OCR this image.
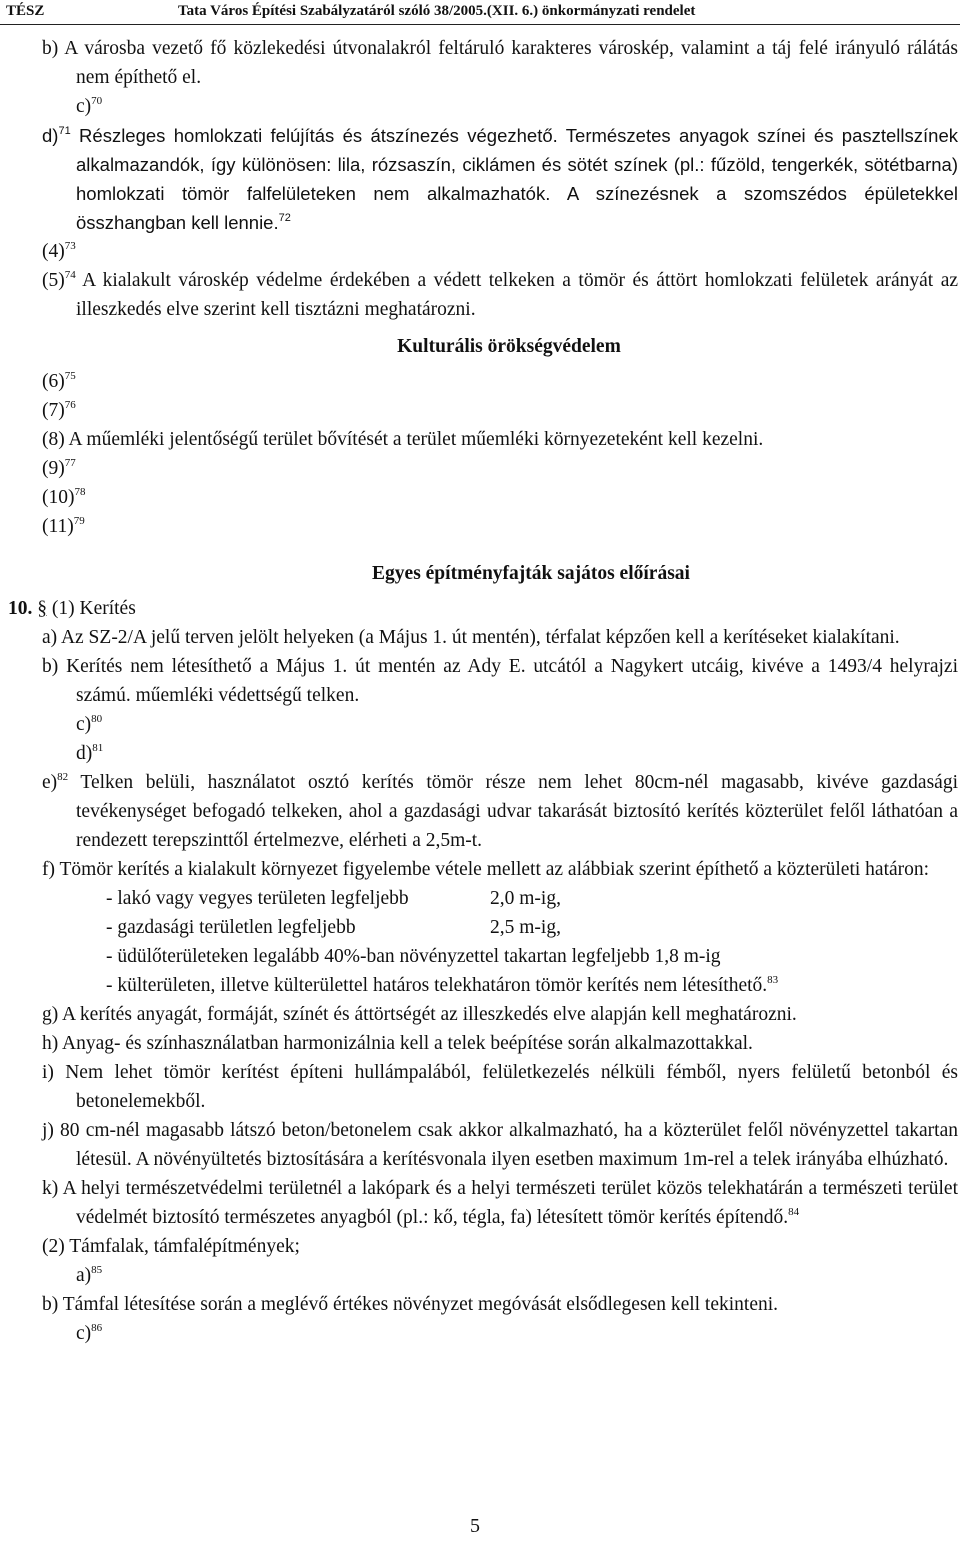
TÉSZ	Tata Város Építési Szabályzatáról szóló 38/2005.(XII. 6.) önkormányzati rendelet

b) A városba vezető fő közlekedési útvonalakról feltáruló karakteres városkép, valamint a táj felé irányuló rálátás nem építhető el.

c)$^{70}$

d)$^{71}$ Részleges homlokzati felújítás és átszínezés végezhető. Természetes anyagok színei és pasztellszínek alkalmazandók, így különösen: lila, rózsaszín, ciklámen és sötét színek (pl.: fűzöld, tengerkék, sötétbarna) homlokzati tömör falfelületeken nem alkalmazhatók. A színezésnek a szomszédos épületekkel összhangban kell lennie.$^{72}$

$(4)^{73}$

$(5)^{74}$ A kialakult városkép védelme érdekében a védett telkeken a tömör és áttört homlokzati felületek arányát az illeszkedés elve szerint kell tisztázni meghatározni.

Kulturális örökségvédelem

$(6)^{75}$

$(7)^{76}$

(8) A műemléki jelentőségű terület bővítését a terület műemléki környezeteként kell kezelni.

$(9)^{77}$

$(10)^{78}$

$(11)^{79}$

Egyes építményfajták sajátos előírásai

10. § (1) Kerítés

a) Az SZ-2/A jelű terven jelölt helyeken (a Május 1. út mentén), térfalat képzően kell a kerítéseket kialakítani.

b) Kerítés nem létesíthető a Május 1. út mentén az Ady E. utcától a Nagykert utcáig, kivéve a 1493/4 helyrajzi számú. műemléki védettségű telken.

c)$^{80}$

d)$^{81}$

e)$^{82}$ Telken belüli, használatot osztó kerítés tömör része nem lehet 80cm-nél magasabb, kivéve gazdasági tevékenységet befogadó telkeken, ahol a gazdasági udvar takarását biztosító kerítés közterület felől láthatóan a rendezett terepszinttől értelmezve, elérheti a 2,5m-t.

f) Tömör kerítés a kialakult környezet figyelembe vétele mellett az alábbiak szerint építhető a közterületi határon:

- lakó vagy vegyes területen legfeljebb	2,0 m-ig,
- gazdasági területlen legfeljebb	2,5 m-ig,

- üdülőterületeken legalább 40%-ban növényzettel takartan legfeljebb 1,8 m-ig

- külterületen, illetve külterülettel határos telekhatáron tömör kerítés nem létesíthető.$^{83}$

g) A kerítés anyagát, formáját, színét és áttörtségét az illeszkedés elve alapján kell meghatározni.

h) Anyag- és színhasználatban harmonizálnia kell a telek beépítése során alkalmazottakkal.

i) Nem lehet tömör kerítést építeni hullámpalából, felületkezelés nélküli fémből, nyers felületű betonból és betonelemekből.

j) 80 cm-nél magasabb látszó beton/betonelem csak akkor alkalmazható, ha a közterület felől növényzettel takartan létesül. A növényültetés biztosítására a kerítésvonala ilyen esetben maximum 1m-rel a telek irányába elhúzható.

k) A helyi természetvédelmi területnél a lakópark és a helyi természeti terület közös telekhatárán a természeti terület védelmét biztosító természetes anyagból (pl.: kő, tégla, fa) létesített tömör kerítés építendő.$^{84}$

(2) Támfalak, támfalépítmények;

a)$^{85}$

b) Támfal létesítése során a meglévő értékes növényzet megóvását elsődlegesen kell tekinteni.

c)$^{86}$

5
